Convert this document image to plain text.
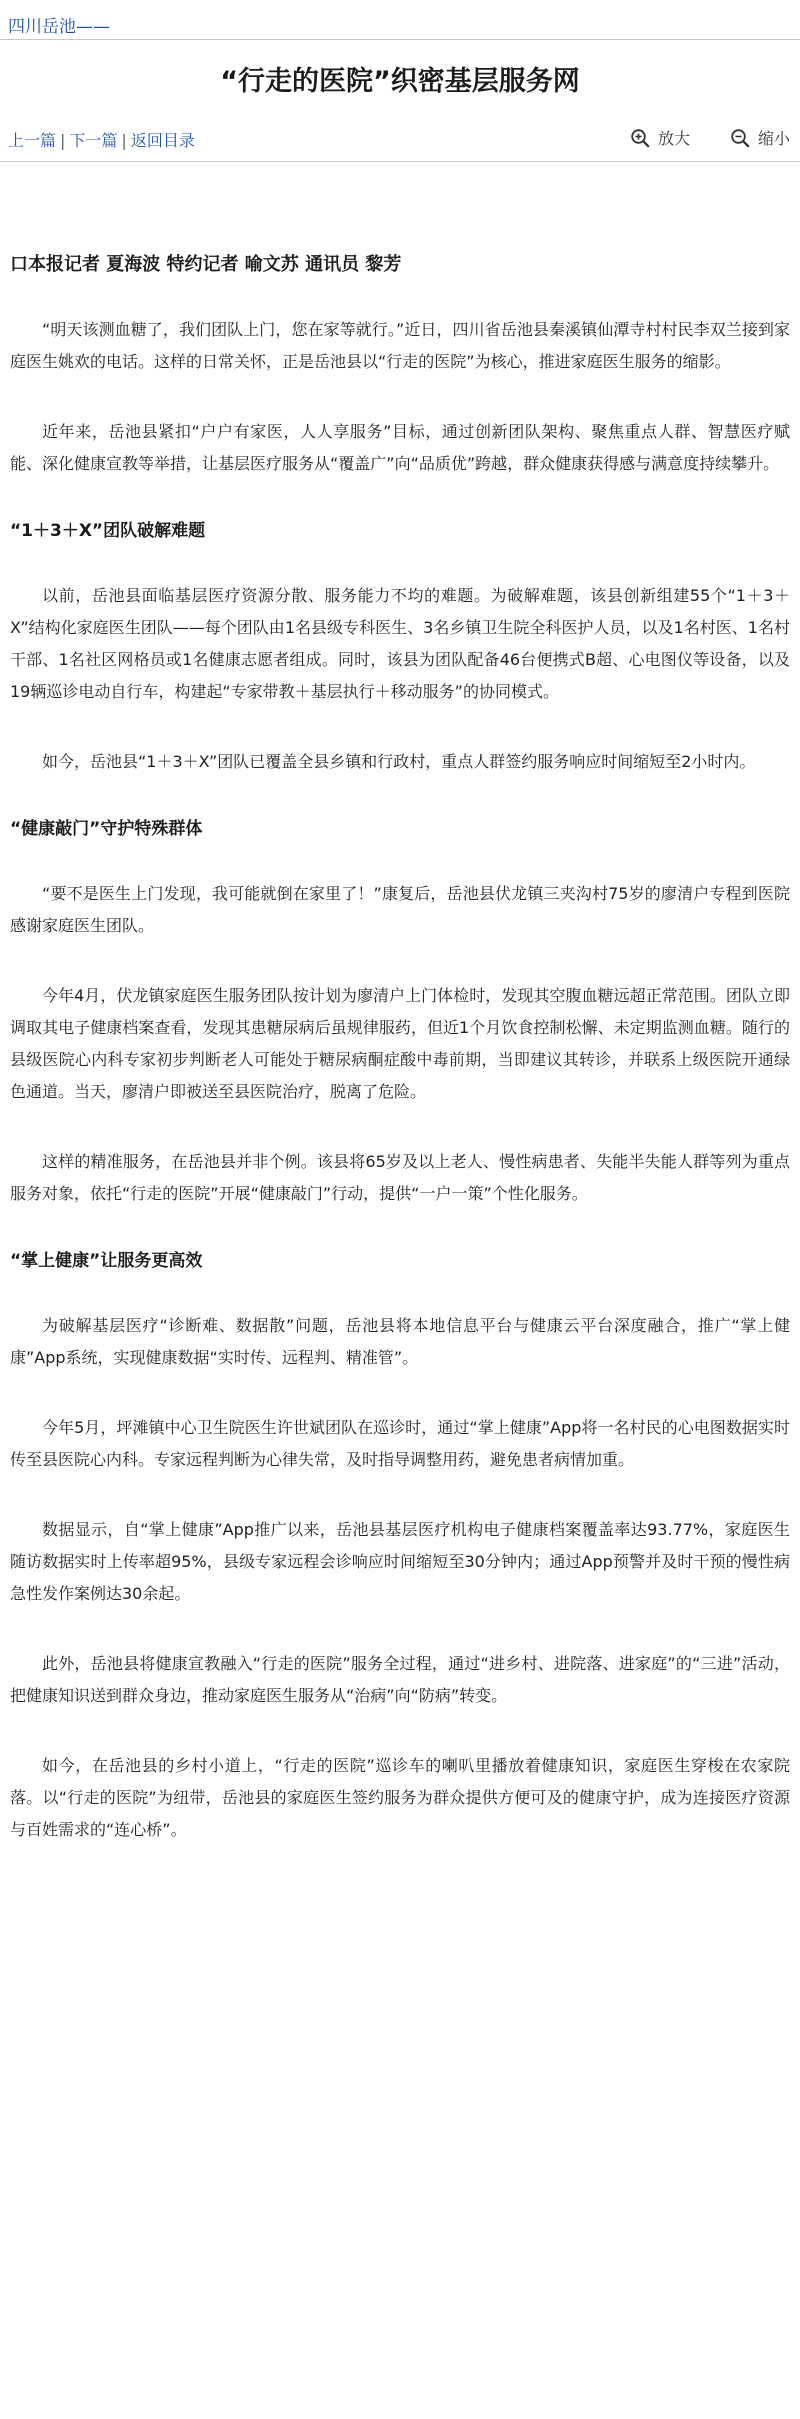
四川岳池——
“行走的医院”织密基层服务网
上一篇 | 下一篇 | 返回目录	放大	缩小
口本报记者 夏海波 特约记者 喻文苏 通讯员 黎芳

“明天该测血糖了，我们团队上门，您在家等就行。”近日，四川省岳池县秦溪镇仙潭寺村村民李双兰接到家庭医生姚欢的电话。这样的日常关怀，正是岳池县以“行走的医院”为核心，推进家庭医生服务的缩影。

近年来，岳池县紧扣“户户有家医，人人享服务”目标，通过创新团队架构、聚焦重点人群、智慧医疗赋能、深化健康宣教等举措，让基层医疗服务从“覆盖广”向“品质优”跨越，群众健康获得感与满意度持续攀升。

“1＋3＋X”团队破解难题

以前，岳池县面临基层医疗资源分散、服务能力不均的难题。为破解难题，该县创新组建55个“1＋3＋X”结构化家庭医生团队——每个团队由1名县级专科医生、3名乡镇卫生院全科医护人员，以及1名村医、1名村干部、1名社区网格员或1名健康志愿者组成。同时，该县为团队配备46台便携式B超、心电图仪等设备，以及19辆巡诊电动自行车，构建起“专家带教＋基层执行＋移动服务”的协同模式。

如今，岳池县“1＋3＋X”团队已覆盖全县乡镇和行政村，重点人群签约服务响应时间缩短至2小时内。

“健康敲门”守护特殊群体

“要不是医生上门发现，我可能就倒在家里了！”康复后，岳池县伏龙镇三夹沟村75岁的廖清户专程到医院感谢家庭医生团队。

今年4月，伏龙镇家庭医生服务团队按计划为廖清户上门体检时，发现其空腹血糖远超正常范围。团队立即调取其电子健康档案查看，发现其患糖尿病后虽规律服药，但近1个月饮食控制松懈、未定期监测血糖。随行的县级医院心内科专家初步判断老人可能处于糖尿病酮症酸中毒前期，当即建议其转诊，并联系上级医院开通绿色通道。当天，廖清户即被送至县医院治疗，脱离了危险。

这样的精准服务，在岳池县并非个例。该县将65岁及以上老人、慢性病患者、失能半失能人群等列为重点服务对象，依托“行走的医院”开展“健康敲门”行动，提供“一户一策”个性化服务。

“掌上健康”让服务更高效

为破解基层医疗“诊断难、数据散”问题，岳池县将本地信息平台与健康云平台深度融合，推广“掌上健康”App系统，实现健康数据“实时传、远程判、精准管”。

今年5月，坪滩镇中心卫生院医生许世斌团队在巡诊时，通过“掌上健康”App将一名村民的心电图数据实时传至县医院心内科。专家远程判断为心律失常，及时指导调整用药，避免患者病情加重。

数据显示，自“掌上健康”App推广以来，岳池县基层医疗机构电子健康档案覆盖率达93.77%，家庭医生随访数据实时上传率超95%，县级专家远程会诊响应时间缩短至30分钟内；通过App预警并及时干预的慢性病急性发作案例达30余起。

此外，岳池县将健康宣教融入“行走的医院”服务全过程，通过“进乡村、进院落、进家庭”的“三进”活动，把健康知识送到群众身边，推动家庭医生服务从“治病”向“防病”转变。

如今，在岳池县的乡村小道上，“行走的医院”巡诊车的喇叭里播放着健康知识，家庭医生穿梭在农家院落。以“行走的医院”为纽带，岳池县的家庭医生签约服务为群众提供方便可及的健康守护，成为连接医疗资源与百姓需求的“连心桥”。
